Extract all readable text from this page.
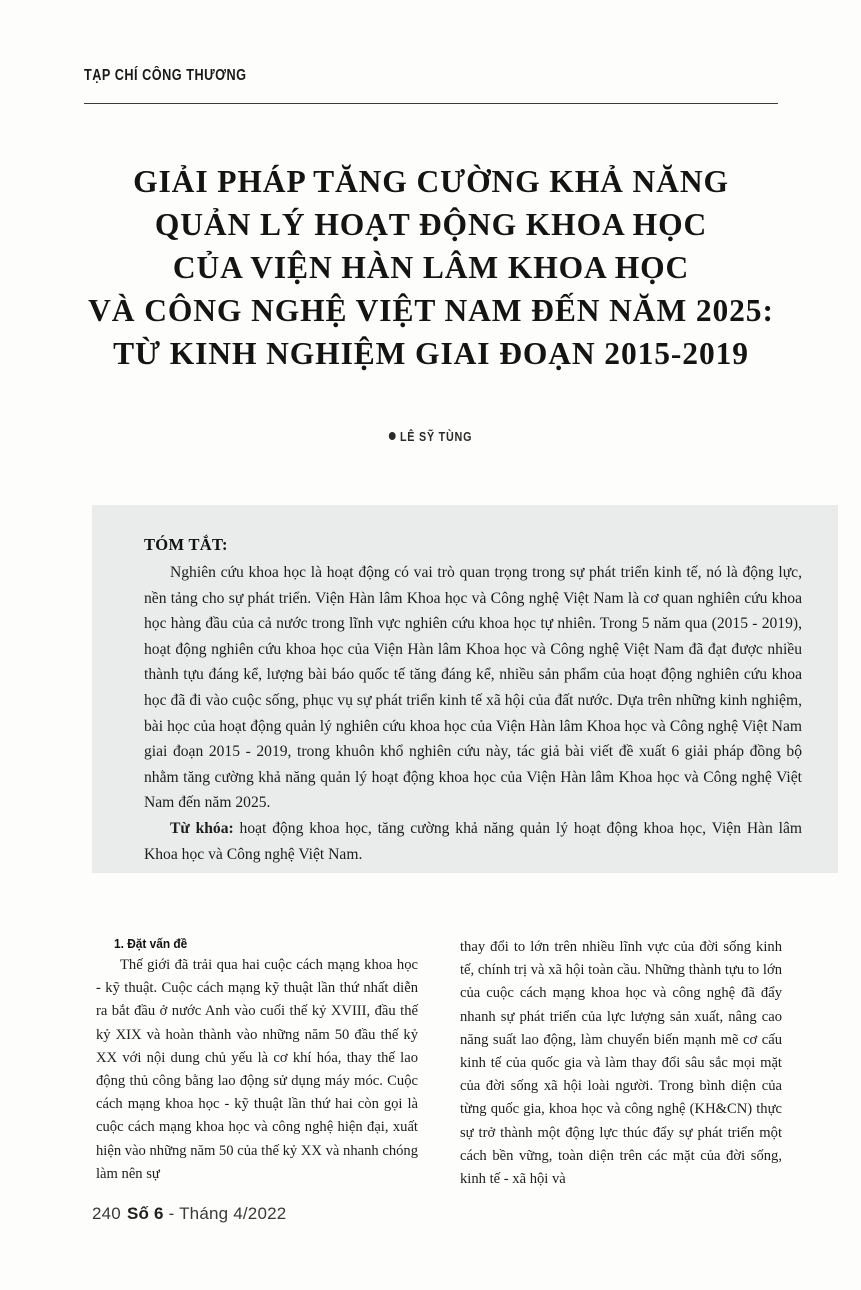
TẠP CHÍ CÔNG THƯƠNG
GIẢI PHÁP TĂNG CƯỜNG KHẢ NĂNG
QUẢN LÝ HOẠT ĐỘNG KHOA HỌC
CỦA VIỆN HÀN LÂM KHOA HỌC
VÀ CÔNG NGHỆ VIỆT NAM ĐẾN NĂM 2025:
TỪ KINH NGHIỆM GIAI ĐOẠN 2015-2019
LÊ SỸ TÙNG
TÓM TẮT:

Nghiên cứu khoa học là hoạt động có vai trò quan trọng trong sự phát triển kinh tế, nó là động lực, nền tảng cho sự phát triển. Viện Hàn lâm Khoa học và Công nghệ Việt Nam là cơ quan nghiên cứu khoa học hàng đầu của cả nước trong lĩnh vực nghiên cứu khoa học tự nhiên. Trong 5 năm qua (2015 - 2019), hoạt động nghiên cứu khoa học của Viện Hàn lâm Khoa học và Công nghệ Việt Nam đã đạt được nhiều thành tựu đáng kể, lượng bài báo quốc tế tăng đáng kể, nhiều sản phẩm của hoạt động nghiên cứu khoa học đã đi vào cuộc sống, phục vụ sự phát triển kinh tế xã hội của đất nước. Dựa trên những kinh nghiệm, bài học của hoạt động quản lý nghiên cứu khoa học của Viện Hàn lâm Khoa học và Công nghệ Việt Nam giai đoạn 2015 - 2019, trong khuôn khổ nghiên cứu này, tác giả bài viết đề xuất 6 giải pháp đồng bộ nhằm tăng cường khả năng quản lý hoạt động khoa học của Viện Hàn lâm Khoa học và Công nghệ Việt Nam đến năm 2025.

Từ khóa: hoạt động khoa học, tăng cường khả năng quản lý hoạt động khoa học, Viện Hàn lâm Khoa học và Công nghệ Việt Nam.

1. Đặt vấn đề

Thế giới đã trải qua hai cuộc cách mạng khoa học - kỹ thuật. Cuộc cách mạng kỹ thuật lần thứ nhất diễn ra bắt đầu ở nước Anh vào cuối thế kỷ XVIII, đầu thế kỷ XIX và hoàn thành vào những năm 50 đầu thế kỷ XX với nội dung chủ yếu là cơ khí hóa, thay thế lao động thủ công bằng lao động sử dụng máy móc. Cuộc cách mạng khoa học - kỹ thuật lần thứ hai còn gọi là cuộc cách mạng khoa học và công nghệ hiện đại, xuất hiện vào những năm 50 của thế kỷ XX và nhanh chóng làm nên sự

thay đổi to lớn trên nhiều lĩnh vực của đời sống kinh tế, chính trị và xã hội toàn cầu. Những thành tựu to lớn của cuộc cách mạng khoa học và công nghệ đã đẩy nhanh sự phát triển của lực lượng sản xuất, nâng cao năng suất lao động, làm chuyển biến mạnh mẽ cơ cấu kinh tế của quốc gia và làm thay đổi sâu sắc mọi mặt của đời sống xã hội loài người. Trong bình diện của từng quốc gia, khoa học và công nghệ (KH&CN) thực sự trở thành một động lực thúc đẩy sự phát triển một cách bền vững, toàn diện trên các mặt của đời sống, kinh tế - xã hội và

240 Số 6 - Tháng 4/2022
